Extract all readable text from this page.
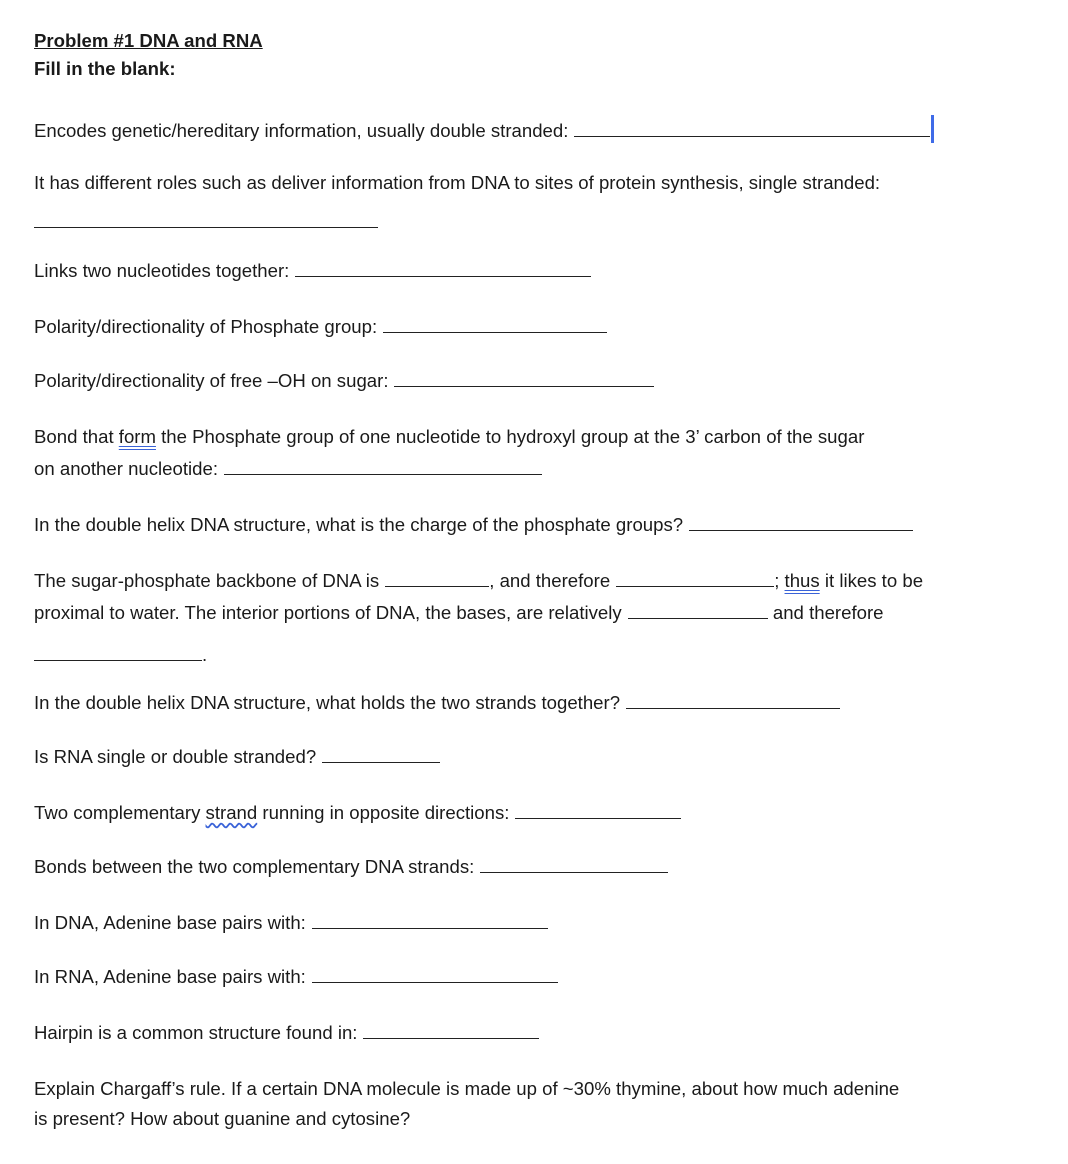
Problem #1 DNA and RNA
Fill in the blank:
Encodes genetic/hereditary information, usually double stranded:
It has different roles such as deliver information from DNA to sites of protein synthesis, single stranded:
Links two nucleotides together:
Polarity/directionality of Phosphate group:
Polarity/directionality of free –OH on sugar:
Bond that form the Phosphate group of one nucleotide to hydroxyl group at the 3’ carbon of the sugar
on another nucleotide:
In the double helix DNA structure, what is the charge of the phosphate groups?
The sugar-phosphate backbone of DNA is	, and therefore	; thus it likes to be
proximal to water. The interior portions of DNA, the bases, are relatively	and therefore
.
In the double helix DNA structure, what holds the two strands together?
Is RNA single or double stranded?
Two complementary strand running in opposite directions:
Bonds between the two complementary DNA strands:
In DNA, Adenine base pairs with:
In RNA, Adenine base pairs with:
Hairpin is a common structure found in:
Explain Chargaff’s rule. If a certain DNA molecule is made up of ~30% thymine, about how much adenine
is present? How about guanine and cytosine?
